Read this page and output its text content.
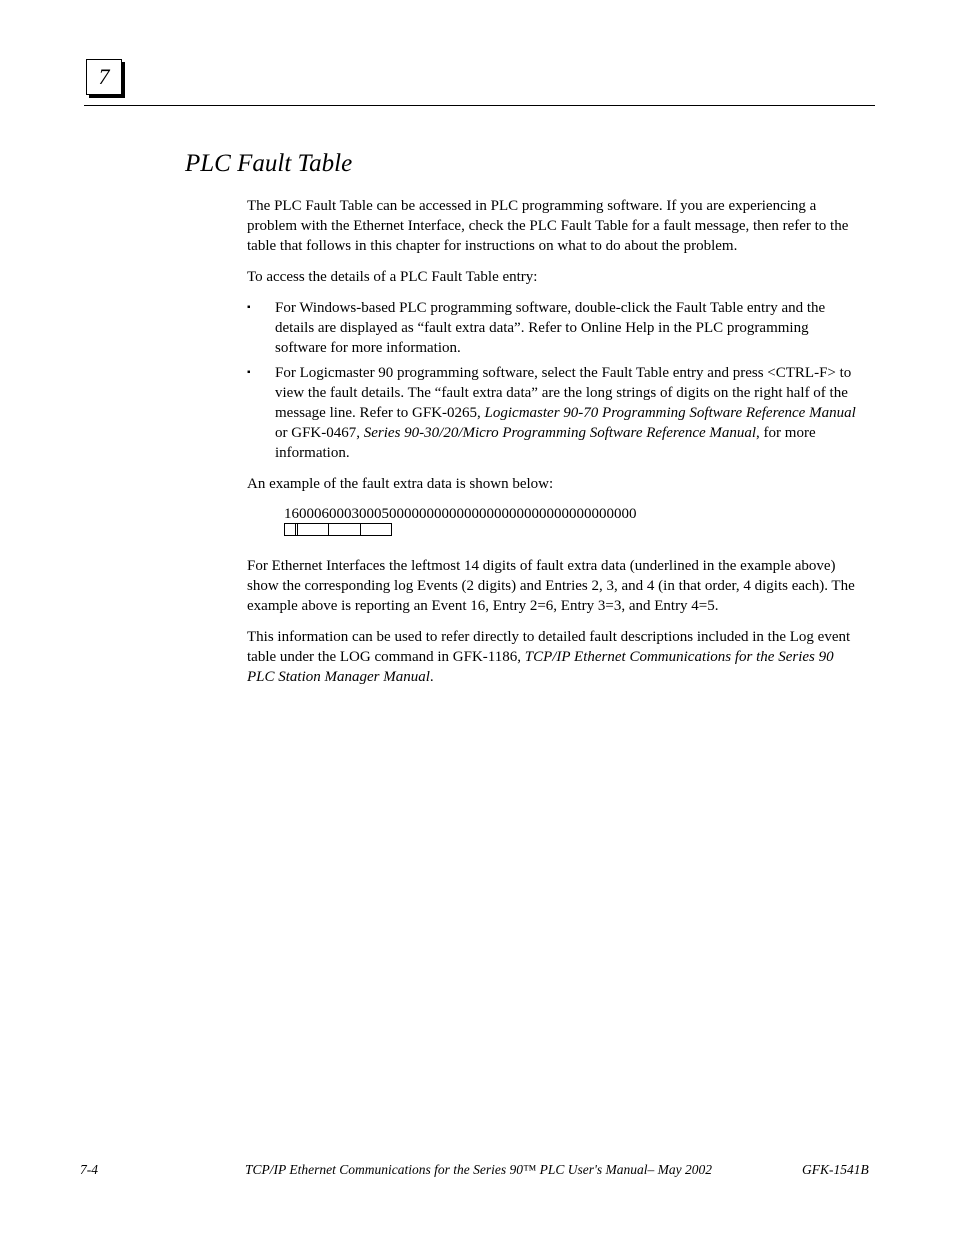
7
PLC Fault Table

The PLC Fault Table can be accessed in PLC programming software. If you are experiencing a problem with the Ethernet Interface, check the PLC Fault Table for a fault message, then refer to the table that follows in this chapter for instructions on what to do about the problem.

To access the details of a PLC Fault Table entry:

▪ For Windows-based PLC programming software, double-click the Fault Table entry and the details are displayed as “fault extra data”. Refer to Online Help in the PLC programming software for more information.
▪ For Logicmaster 90 programming software, select the Fault Table entry and press <CTRL-F> to view the fault details. The “fault extra data” are the long strings of digits on the right half of the message line. Refer to GFK-0265, Logicmaster 90-70 Programming Software Reference Manual or GFK-0467, Series 90-30/20/Micro Programming Software Reference Manual, for more information.

An example of the fault extra data is shown below:

16000600030005000000000000000000000000000000000

For Ethernet Interfaces the leftmost 14 digits of fault extra data (underlined in the example above) show the corresponding log Events (2 digits) and Entries 2, 3, and 4 (in that order, 4 digits each). The example above is reporting an Event 16, Entry 2=6, Entry 3=3, and Entry 4=5.

This information can be used to refer directly to detailed fault descriptions included in the Log event table under the LOG command in GFK-1186, TCP/IP Ethernet Communications for the Series 90 PLC Station Manager Manual.

7-4	TCP/IP Ethernet Communications for the Series 90™ PLC User's Manual– May 2002	GFK-1541B
